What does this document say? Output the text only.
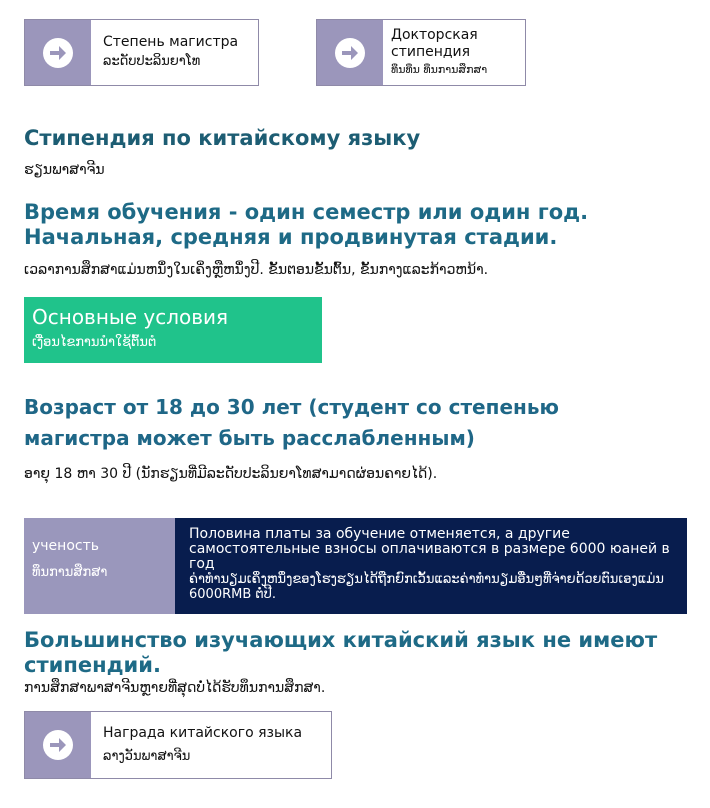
Степень магистра
ລະດັບປະລິນຍາໂທ
Докторская стипендия
ທຶນທຶນ ທຶນການສຶກສາ
Стипендия по китайскому языку
ຮຽນພາສາຈີນ
Время обучения - один семестр или один год. Начальная, средняя и продвинутая стадии.
ເວລາການສຶກສາແມ່ນຫນຶ່ງໃນເຄິ່ງຫຼືຫນຶ່ງປີ. ຂັ້ນຕອນຂັ້ນຕົ້ນ, ຂັ້ນກາງແລະກ້າວຫນ້າ.
Основные условия
ເງື່ອນໄຂການນຳໃຊ້ຕົ້ນຕໍ
Возраст от 18 до 30 лет (студент со степенью магистра может быть расслабленным)
ອາຍຸ 18 ຫາ 30 ປີ (ນັກຮຽນທີ່ມີລະດັບປະລິນຍາໂທສາມາດຜ່ອນຄາຍໄດ້).
ученость
ທຶນການສຶກສາ
Половина платы за обучение отменяется, а другие самостоятельные взносы оплачиваются в размере 6000 юаней в год
ຄ່າທຳນຽມເຄິ່ງຫນຶ່ງຂອງໂຮງຮຽນໄດ້ຖືກຍົກເວັ້ນແລະຄ່າທຳນຽມອື່ນໆທີ່ຈ່າຍດ້ວຍຕົນເອງແມ່ນ 6000RMB ຕໍ່ປີ.
Большинство изучающих китайский язык не имеют стипендий.
ການສຶກສາພາສາຈີນຫຼາຍທີ່ສຸດບໍ່ໄດ້ຮັບທຶນການສຶກສາ.
Награда китайского языка
ລາງວັນພາສາຈີນ
